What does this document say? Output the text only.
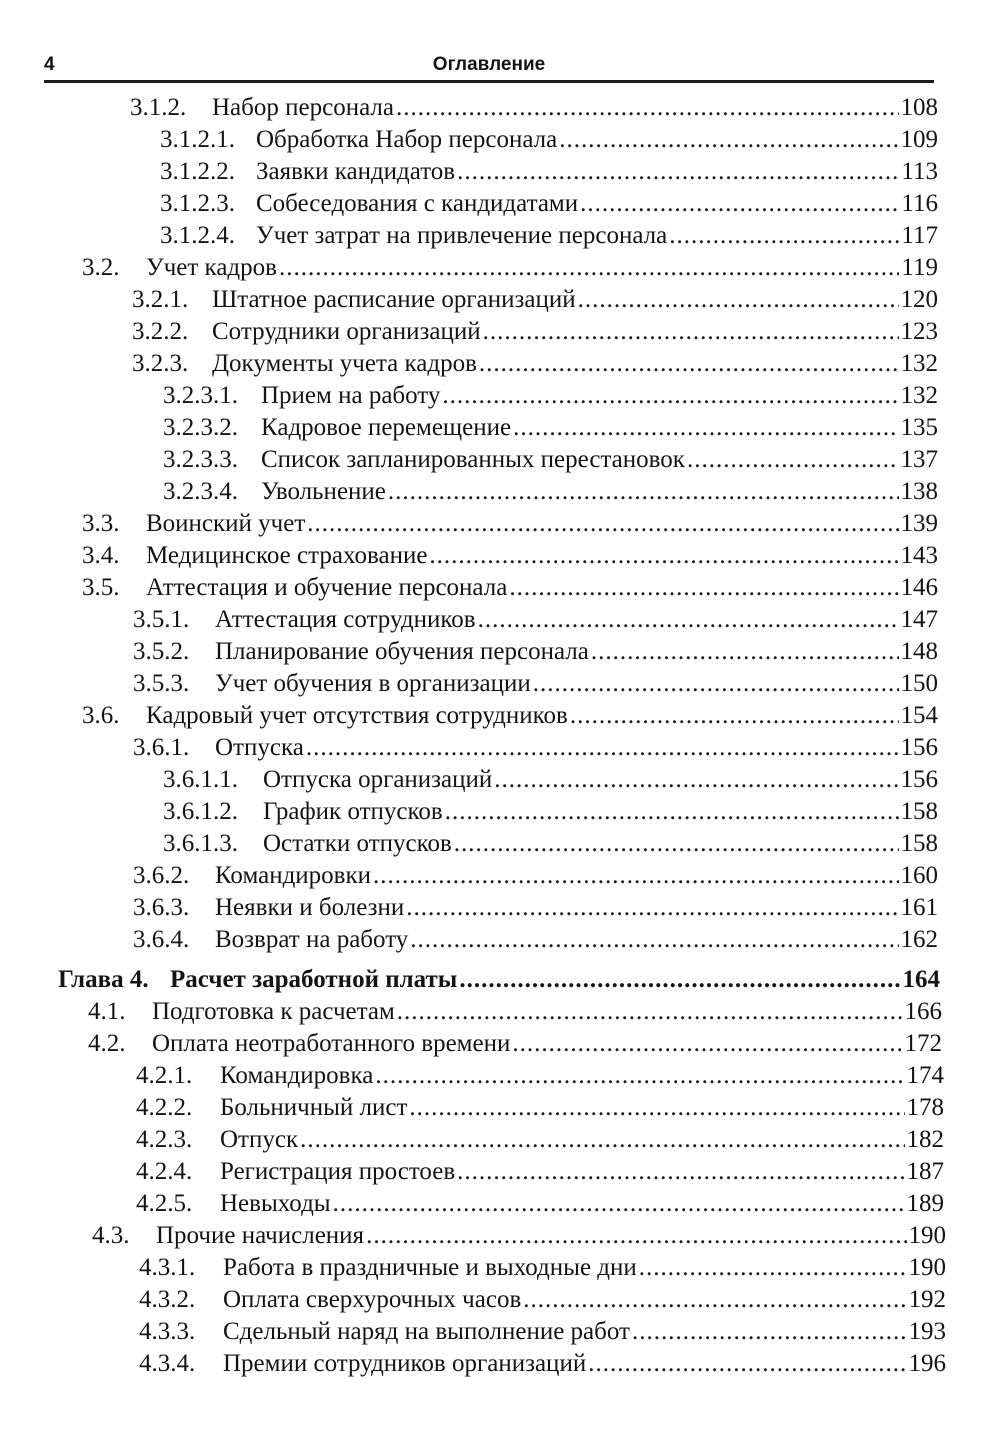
4	Оглавление
3.1.2.	Набор персонала .....	108
3.1.2.1. Обработка Набор персонала .....	109
3.1.2.2. Заявки кандидатов .....	113
3.1.2.3. Собеседования с кандидатами .....	116
3.1.2.4. Учет затрат на привлечение персонала .....	117
3.2.	Учет кадров .....	119
3.2.1. Штатное расписание организаций .....	120
3.2.2. Сотрудники организаций .....	123
3.2.3. Документы учета кадров .....	132
3.2.3.1. Прием на работу .....	132
3.2.3.2. Кадровое перемещение .....	135
3.2.3.3. Список запланированных перестановок .....	137
3.2.3.4. Увольнение .....	138
3.3.	Воинский учет .....	139
3.4.	Медицинское страхование .....	143
3.5.	Аттестация и обучение персонала .....	146
3.5.1.	Аттестация сотрудников .....	147
3.5.2.	Планирование обучения персонала .....	148
3.5.3.	Учет обучения в организации .....	150
3.6.	Кадровый учет отсутствия сотрудников .....	154
3.6.1.	Отпуска .....	156
3.6.1.1.	Отпуска организаций .....	156
3.6.1.2.	График отпусков .....	158
3.6.1.3.	Остатки отпусков .....	158
3.6.2.	Командировки .....	160
3.6.3.	Неявки и болезни .....	161
3.6.4.	Возврат на работу .....	162
Глава 4. Расчет заработной платы .....	164
4.1.	Подготовка к расчетам .....	166
4.2.	Оплата неотработанного времени .....	172
4.2.1.	Командировка .....	174
4.2.2.	Больничный лист .....	178
4.2.3.	Отпуск .....	182
4.2.4.	Регистрация простоев .....	187
4.2.5.	Невыходы .....	189
4.3.	Прочие начисления .....	190
4.3.1.	Работа в праздничные и выходные дни .....	190
4.3.2.	Оплата сверхурочных часов .....	192
4.3.3.	Сдельный наряд на выполнение работ .....	193
4.3.4.	Премии сотрудников организаций .....	196
